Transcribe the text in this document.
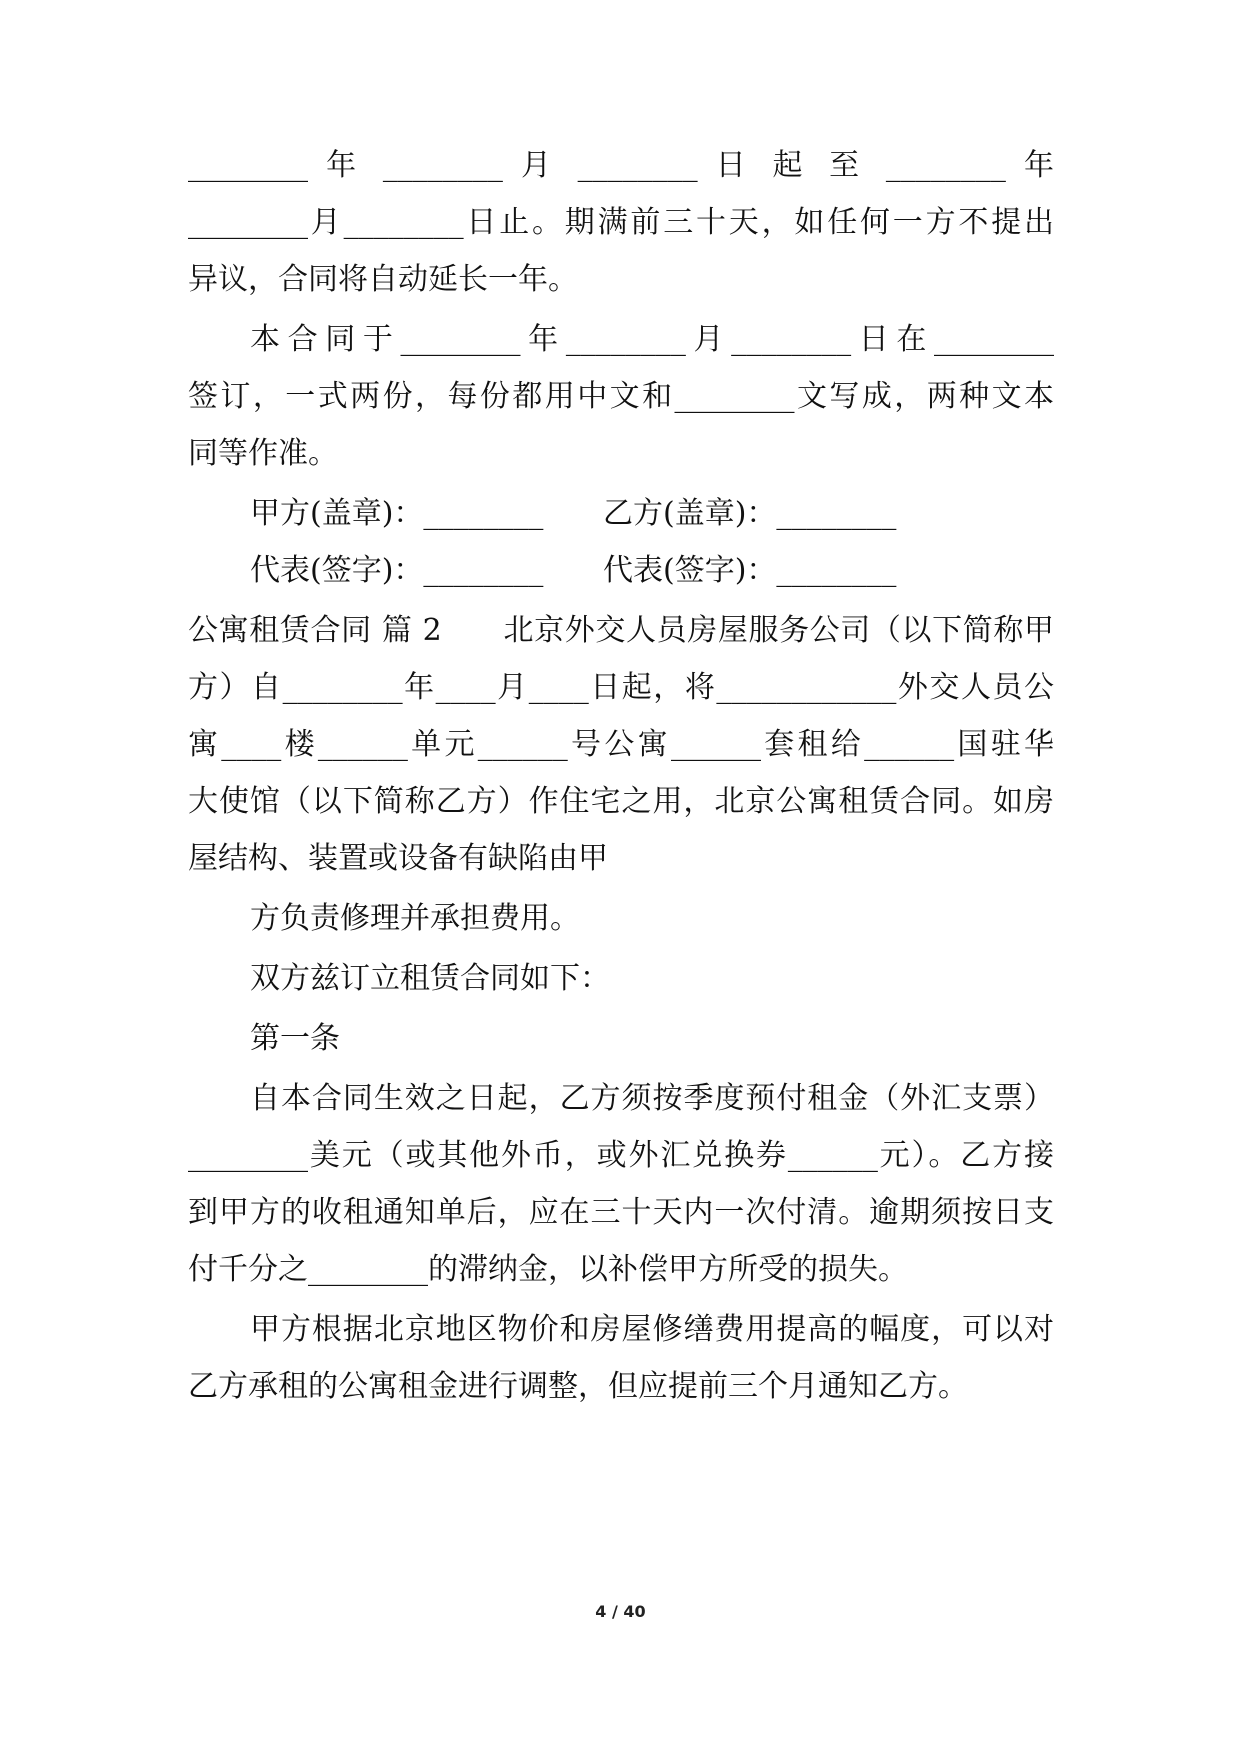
________ 年 ________ 月 ________ 日 起 至 ________ 年

________月________日止。期满前三十天，如任何一方不提出

异议，合同将自动延长一年。

本合同于________年________月________日在________

签订，一式两份，每份都用中文和________文写成，两种文本

同等作准。

甲方(盖章)：________ 乙方(盖章)：________
代表(签字)：________ 代表(签字)：________

公寓租赁合同 篇 2　　北京外交人员房屋服务公司（以下简称甲

方）自________年____月____日起，将____________外交人员公

寓____楼______单元______号公寓______套租给______国驻华

大使馆（以下简称乙方）作住宅之用，北京公寓租赁合同。如房

屋结构、装置或设备有缺陷由甲

方负责修理并承担费用。

双方兹订立租赁合同如下：

第一条

自本合同生效之日起，乙方须按季度预付租金（外汇支票）

________美元（或其他外币，或外汇兑换券______元）。乙方接

到甲方的收租通知单后，应在三十天内一次付清。逾期须按日支

付千分之________的滞纳金，以补偿甲方所受的损失。

甲方根据北京地区物价和房屋修缮费用提高的幅度，可以对

乙方承租的公寓租金进行调整，但应提前三个月通知乙方。

4 / 40
